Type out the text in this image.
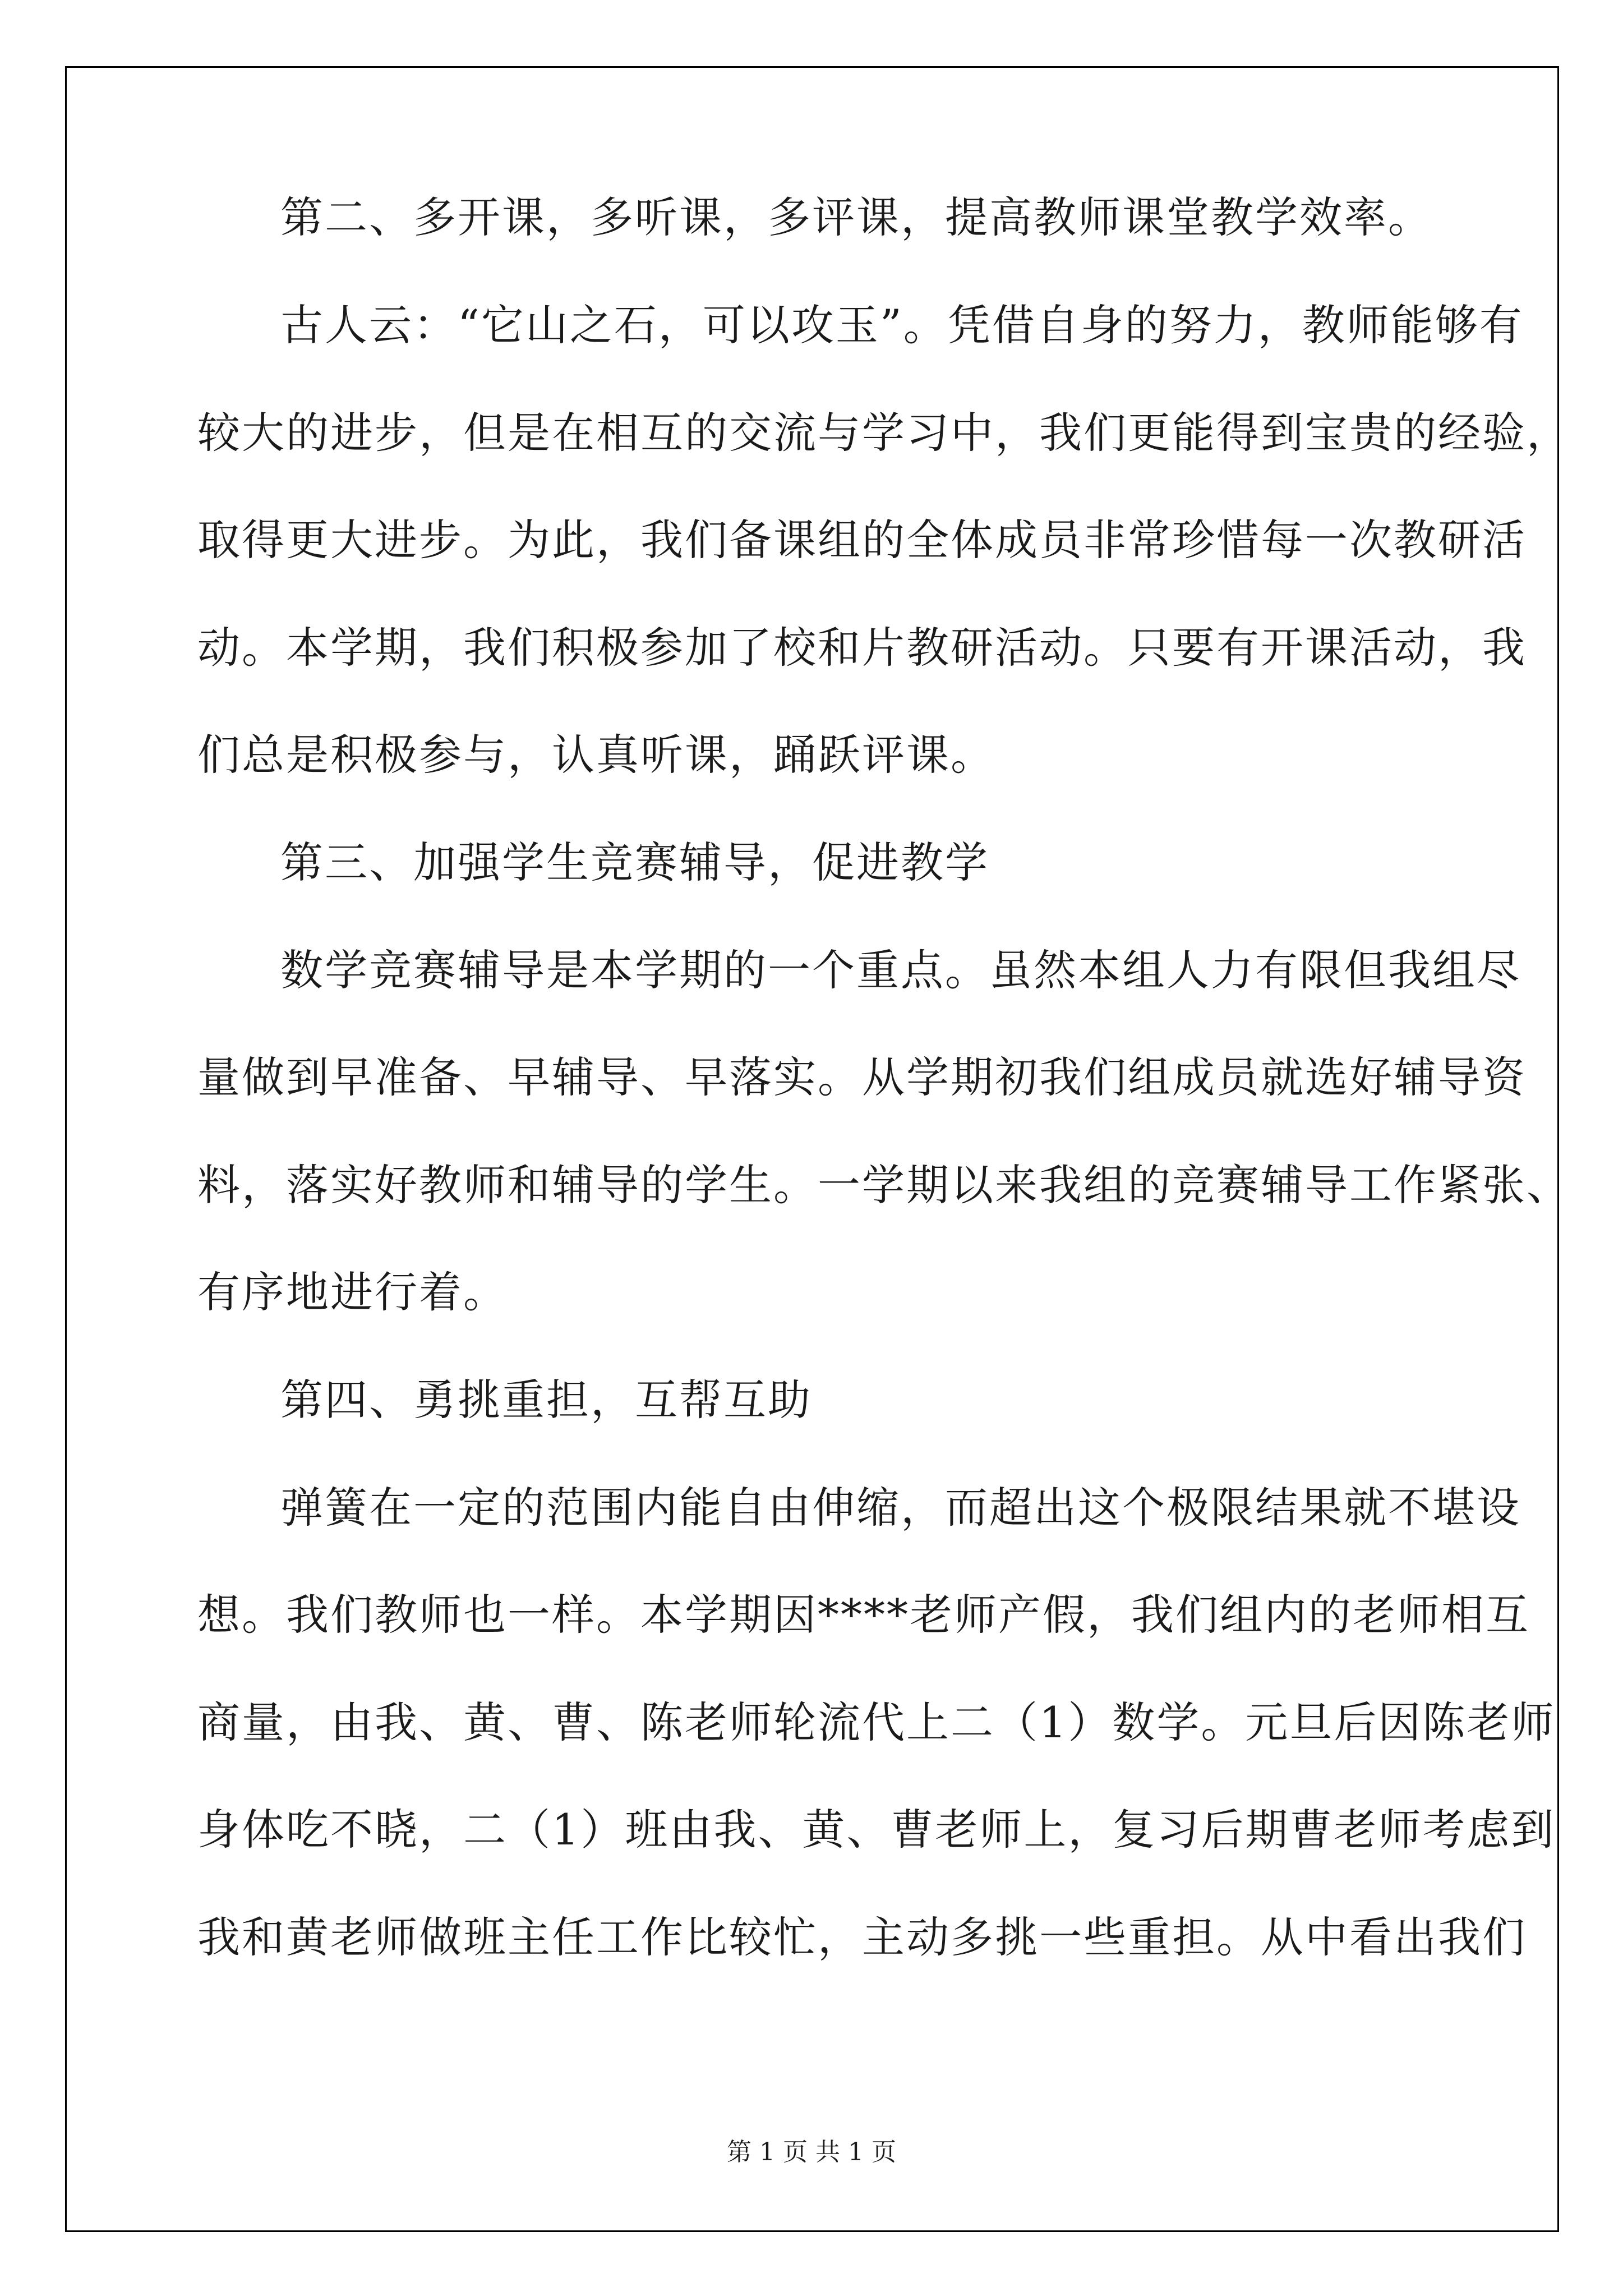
第二、多开课，多听课，多评课，提高教师课堂教学效率。
古人云：“它山之石，可以攻玉”。凭借自身的努力，教师能够有
较大的进步，但是在相互的交流与学习中，我们更能得到宝贵的经验，
取得更大进步。为此，我们备课组的全体成员非常珍惜每一次教研活
动。本学期，我们积极参加了校和片教研活动。只要有开课活动，我
们总是积极参与，认真听课，踊跃评课。
第三、加强学生竞赛辅导，促进教学
数学竞赛辅导是本学期的一个重点。虽然本组人力有限但我组尽
量做到早准备、早辅导、早落实。从学期初我们组成员就选好辅导资
料，落实好教师和辅导的学生。一学期以来我组的竞赛辅导工作紧张、
有序地进行着。
第四、勇挑重担，互帮互助
弹簧在一定的范围内能自由伸缩，而超出这个极限结果就不堪设
想。我们教师也一样。本学期因****老师产假，我们组内的老师相互
商量，由我、黄、曹、陈老师轮流代上二（1）数学。元旦后因陈老师
身体吃不晓，二（1）班由我、黄、曹老师上，复习后期曹老师考虑到
我和黄老师做班主任工作比较忙，主动多挑一些重担。从中看出我们
第 1 页 共 1 页
